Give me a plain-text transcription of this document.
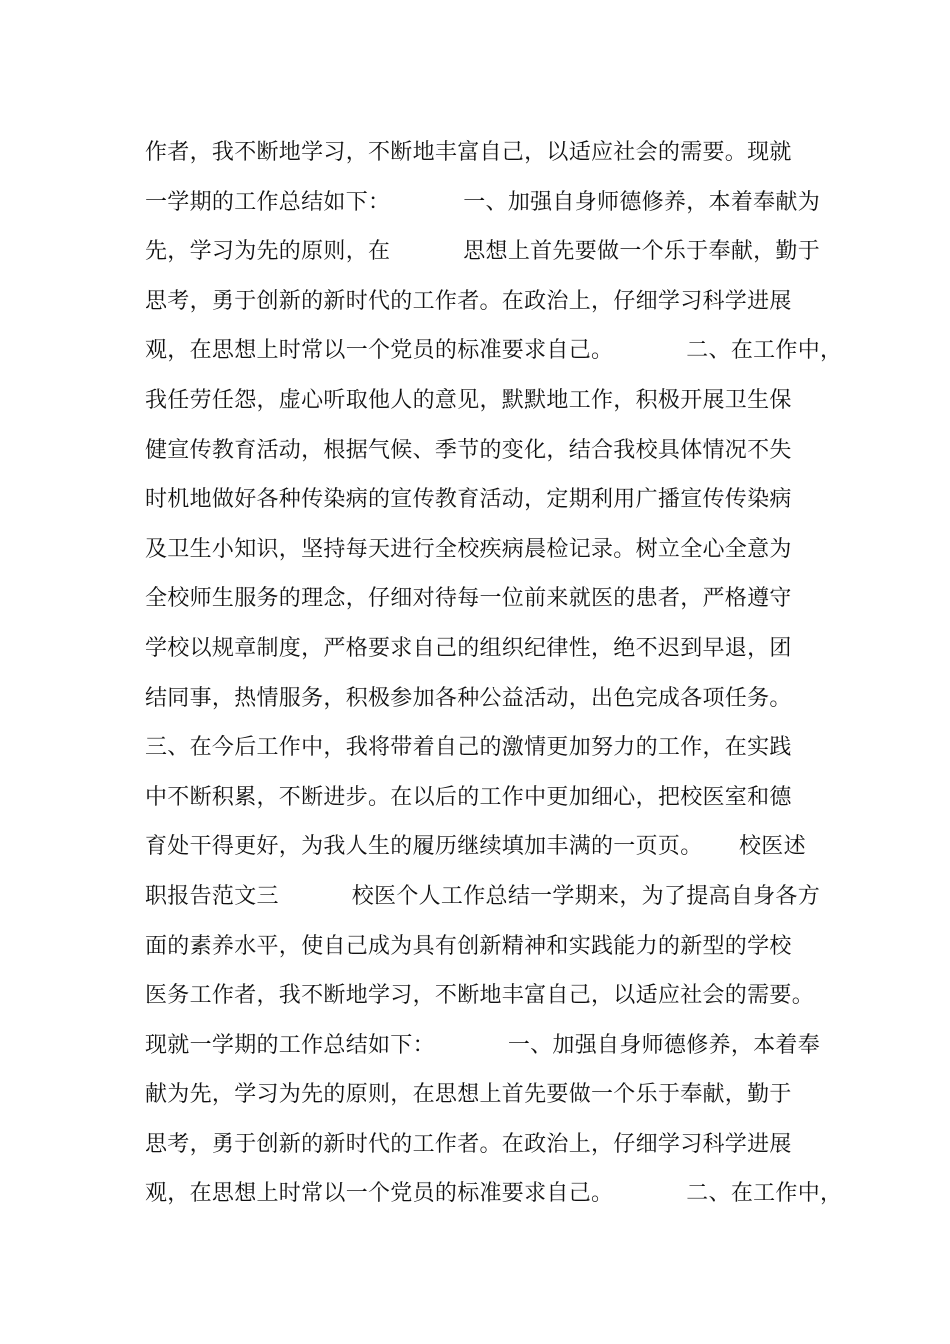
作者，我不断地学习，不断地丰富自己，以适应社会的需要。现就
一学期的工作总结如下：          一、加强自身师德修养，本着奉献为
先，学习为先的原则，在          思想上首先要做一个乐于奉献，勤于
思考，勇于创新的新时代的工作者。在政治上，仔细学习科学进展
观，在思想上时常以一个党员的标准要求自己。          二、在工作中，
我任劳任怨，虚心听取他人的意见，默默地工作，积极开展卫生保
健宣传教育活动，根据气候、季节的变化，结合我校具体情况不失
时机地做好各种传染病的宣传教育活动，定期利用广播宣传传染病
及卫生小知识，坚持每天进行全校疾病晨检记录。树立全心全意为
全校师生服务的理念，仔细对待每一位前来就医的患者，严格遵守
学校以规章制度，严格要求自己的组织纪律性，绝不迟到早退，团
结同事，热情服务，积极参加各种公益活动，出色完成各项任务。
三、在今后工作中，我将带着自己的激情更加努力的工作，在实践
中不断积累，不断进步。在以后的工作中更加细心，把校医室和德
育处干得更好，为我人生的履历继续填加丰满的一页页。     校医述
职报告范文三          校医个人工作总结一学期来，为了提高自身各方
面的素养水平，使自己成为具有创新精神和实践能力的新型的学校
医务工作者，我不断地学习，不断地丰富自己，以适应社会的需要。
现就一学期的工作总结如下：          一、加强自身师德修养，本着奉
献为先，学习为先的原则，在思想上首先要做一个乐于奉献，勤于
思考，勇于创新的新时代的工作者。在政治上，仔细学习科学进展
观，在思想上时常以一个党员的标准要求自己。          二、在工作中，
